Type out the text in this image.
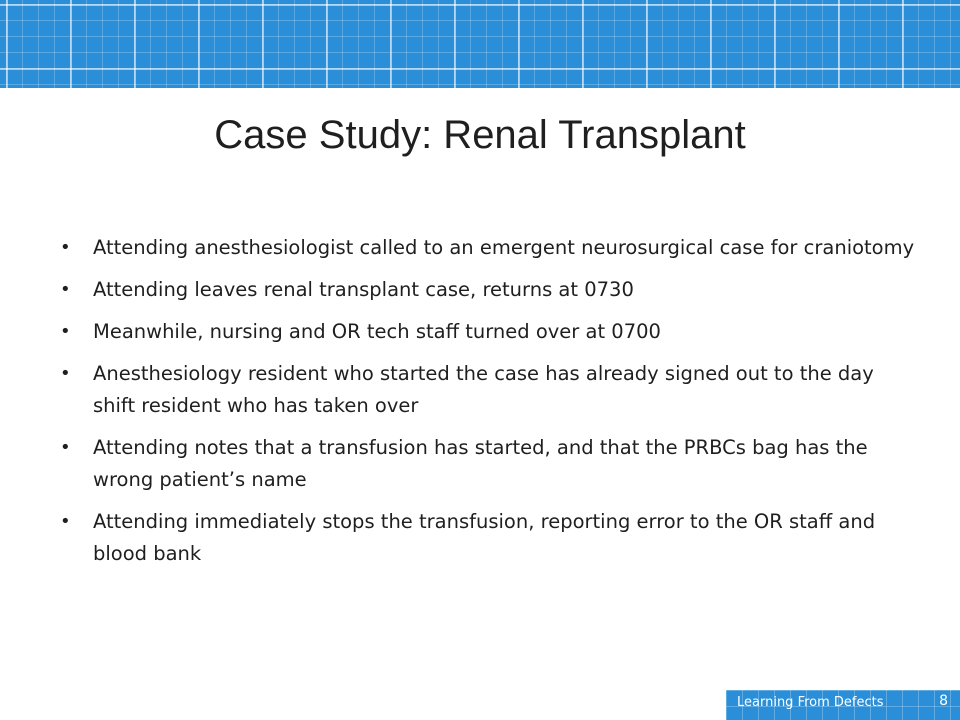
Case Study: Renal Transplant
• Attending anesthesiologist called to an emergent neurosurgical case for craniotomy
• Attending leaves renal transplant case, returns at 0730
• Meanwhile, nursing and OR tech staff turned over at 0700
• Anesthesiology resident who started the case has already signed out to the day shift resident who has taken over
• Attending notes that a transfusion has started, and that the PRBCs bag has the wrong patient’s name
• Attending immediately stops the transfusion, reporting error to the OR staff and blood bank
Learning From Defects	8
